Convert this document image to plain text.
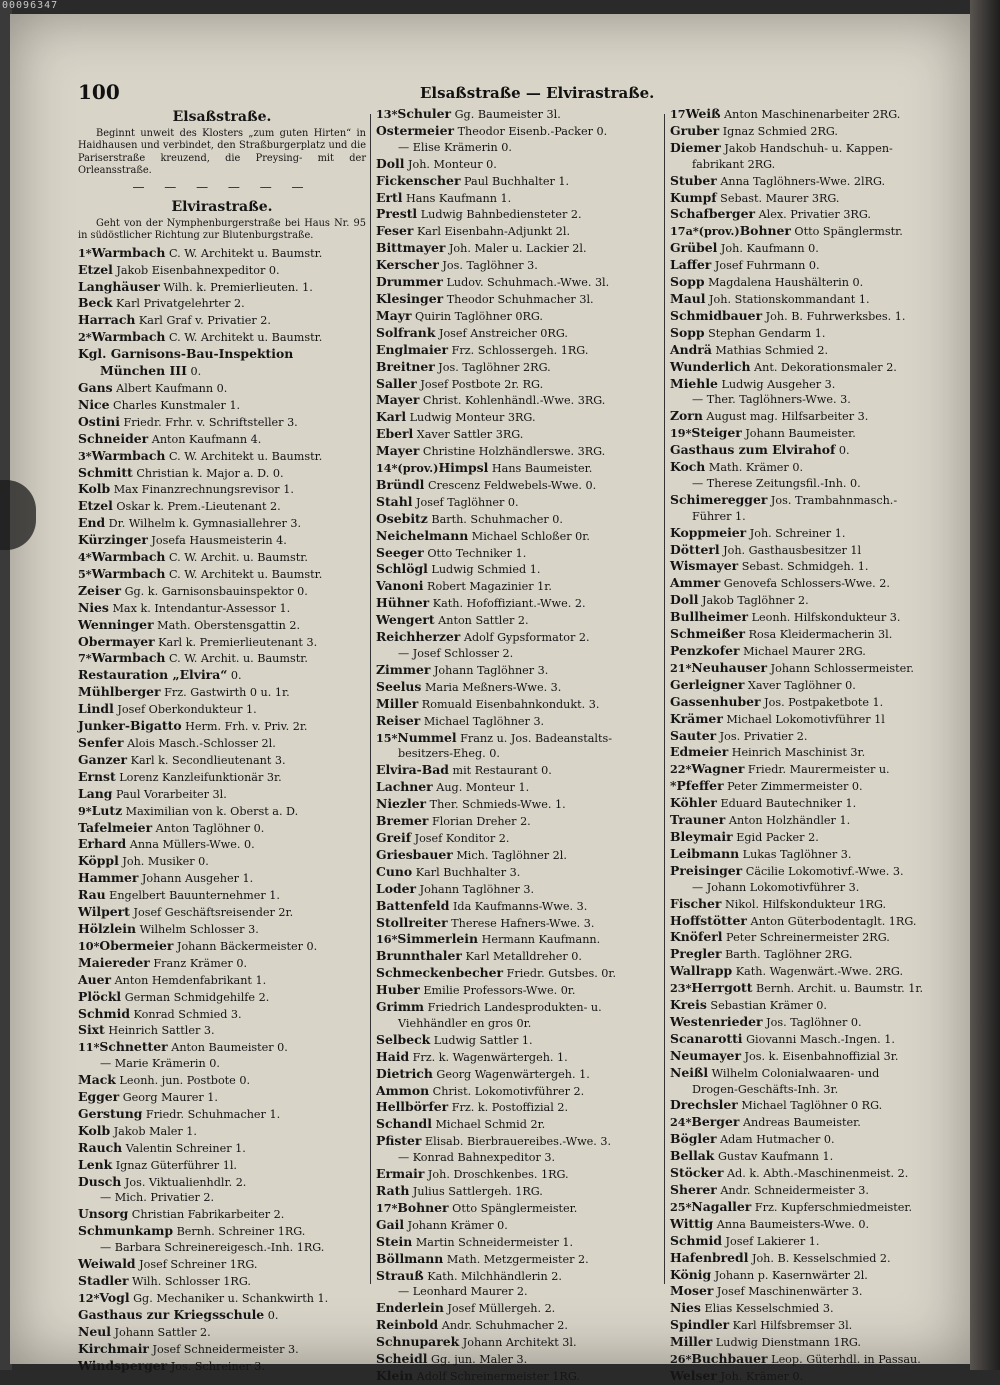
100	Elsaßstraße — Elvirastraße.
Elsaßstraße.
Beginnt unweit des Klosters „zum guten Hirten“ in Haidhausen und verbindet, den Straßburgerplatz und die Pariserstraße kreuzend, die Preysing- mit der Orleansstraße.
— — — — — —
Elvirastraße.
Geht von der Nymphenburgerstraße bei Haus Nr. 95 in südöstlicher Richtung zur Blutenburgstraße.
1*Warmbach C. W. Architekt u. Baumstr.
Etzel Jakob Eisenbahnexpeditor 0.
Langhäuser Wilh. k. Premierlieuten. 1.
Beck Karl Privatgelehrter 2.
Harrach Karl Graf v. Privatier 2.
2*Warmbach C. W. Architekt u. Baumstr.
Kgl. Garnisons-Bau-Inspektion
München III 0.
Gans Albert Kaufmann 0.
Nice Charles Kunstmaler 1.
Ostini Friedr. Frhr. v. Schriftsteller 3.
Schneider Anton Kaufmann 4.
3*Warmbach C. W. Architekt u. Baumstr.
Schmitt Christian k. Major a. D. 0.
Kolb Max Finanzrechnungsrevisor 1.
Etzel Oskar k. Prem.-Lieutenant 2.
End Dr. Wilhelm k. Gymnasiallehrer 3.
Kürzinger Josefa Hausmeisterin 4.
4*Warmbach C. W. Archit. u. Baumstr.
5*Warmbach C. W. Architekt u. Baumstr.
Zeiser Gg. k. Garnisonsbauinspektor 0.
Nies Max k. Intendantur-Assessor 1.
Wenninger Math. Oberstensgattin 2.
Obermayer Karl k. Premierlieutenant 3.
7*Warmbach C. W. Archit. u. Baumstr.
Restauration „Elvira“ 0.
Mühlberger Frz. Gastwirth 0 u. 1r.
Lindl Josef Oberkondukteur 1.
Junker-Bigatto Herm. Frh. v. Priv. 2r.
Senfer Alois Masch.-Schlosser 2l.
Ganzer Karl k. Secondlieutenant 3.
Ernst Lorenz Kanzleifunktionär 3r.
Lang Paul Vorarbeiter 3l.
9*Lutz Maximilian von k. Oberst a. D.
Tafelmeier Anton Taglöhner 0.
Erhard Anna Müllers-Wwe. 0.
Köppl Joh. Musiker 0.
Hammer Johann Ausgeher 1.
Rau Engelbert Bauunternehmer 1.
Wilpert Josef Geschäftsreisender 2r.
Hölzlein Wilhelm Schlosser 3.
10*Obermeier Johann Bäckermeister 0.
Maiereder Franz Krämer 0.
Auer Anton Hemdenfabrikant 1.
Plöckl German Schmidgehilfe 2.
Schmid Konrad Schmied 3.
Sixt Heinrich Sattler 3.
11*Schnetter Anton Baumeister 0.
— Marie Krämerin 0.
Mack Leonh. jun. Postbote 0.
Egger Georg Maurer 1.
Gerstung Friedr. Schuhmacher 1.
Kolb Jakob Maler 1.
Rauch Valentin Schreiner 1.
Lenk Ignaz Güterführer 1l.
Dusch Jos. Viktualienhdlr. 2.
— Mich. Privatier 2.
Unsorg Christian Fabrikarbeiter 2.
Schmunkamp Bernh. Schreiner 1RG.
— Barbara Schreinereigesch.-Inh. 1RG.
Weiwald Josef Schreiner 1RG.
Stadler Wilh. Schlosser 1RG.
12*Vogl Gg. Mechaniker u. Schankwirth 1.
Gasthaus zur Kriegsschule 0.
Neul Johann Sattler 2.
Kirchmair Josef Schneidermeister 3.
Windsperger Jos. Schreiner 3.
13*Schuler Gg. Baumeister 3l.
Ostermeier Theodor Eisenb.-Packer 0.
— Elise Krämerin 0.
Doll Joh. Monteur 0.
Fickenscher Paul Buchhalter 1.
Ertl Hans Kaufmann 1.
Prestl Ludwig Bahnbediensteter 2.
Feser Karl Eisenbahn-Adjunkt 2l.
Bittmayer Joh. Maler u. Lackier 2l.
Kerscher Jos. Taglöhner 3.
Drummer Ludov. Schuhmach.-Wwe. 3l.
Klesinger Theodor Schuhmacher 3l.
Mayr Quirin Taglöhner 0RG.
Solfrank Josef Anstreicher 0RG.
Englmaier Frz. Schlossergeh. 1RG.
Breitner Jos. Taglöhner 2RG.
Saller Josef Postbote 2r. RG.
Mayer Christ. Kohlenhändl.-Wwe. 3RG.
Karl Ludwig Monteur 3RG.
Eberl Xaver Sattler 3RG.
Mayer Christine Holzhändlerswe. 3RG.
14*(prov.)Himpsl Hans Baumeister.
Bründl Crescenz Feldwebels-Wwe. 0.
Stahl Josef Taglöhner 0.
Osebitz Barth. Schuhmacher 0.
Neichelmann Michael Schloßer 0r.
Seeger Otto Techniker 1.
Schlögl Ludwig Schmied 1.
Vanoni Robert Magazinier 1r.
Hühner Kath. Hofoffiziant.-Wwe. 2.
Wengert Anton Sattler 2.
Reichherzer Adolf Gypsformator 2.
— Josef Schlosser 2.
Zimmer Johann Taglöhner 3.
Seelus Maria Meßners-Wwe. 3.
Miller Romuald Eisenbahnkondukt. 3.
Reiser Michael Taglöhner 3.
15*Nummel Franz u. Jos. Badeanstalts-
besitzers-Eheg. 0.
Elvira-Bad mit Restaurant 0.
Lachner Aug. Monteur 1.
Niezler Ther. Schmieds-Wwe. 1.
Bremer Florian Dreher 2.
Greif Josef Konditor 2.
Griesbauer Mich. Taglöhner 2l.
Cuno Karl Buchhalter 3.
Loder Johann Taglöhner 3.
Battenfeld Ida Kaufmanns-Wwe. 3.
Stollreiter Therese Hafners-Wwe. 3.
16*Simmerlein Hermann Kaufmann.
Brunnthaler Karl Metalldreher 0.
Schmeckenbecher Friedr. Gutsbes. 0r.
Huber Emilie Professors-Wwe. 0r.
Grimm Friedrich Landesprodukten- u.
Viehhändler en gros 0r.
Selbeck Ludwig Sattler 1.
Haid Frz. k. Wagenwärtergeh. 1.
Dietrich Georg Wagenwärtergeh. 1.
Ammon Christ. Lokomotivführer 2.
Hellbörfer Frz. k. Postoffizial 2.
Schandl Michael Schmid 2r.
Pfister Elisab. Bierbrauereibes.-Wwe. 3.
— Konrad Bahnexpeditor 3.
Ermair Joh. Droschkenbes. 1RG.
Rath Julius Sattlergeh. 1RG.
17*Bohner Otto Spänglermeister.
Gail Johann Krämer 0.
Stein Martin Schneidermeister 1.
Böllmann Math. Metzgermeister 2.
Strauß Kath. Milchhändlerin 2.
— Leonhard Maurer 2.
Enderlein Josef Müllergeh. 2.
Reinbold Andr. Schuhmacher 2.
Schnuparek Johann Architekt 3l.
Scheidl Gg. jun. Maler 3.
Klein Adolf Schreinermeister 1RG.
17Weiß Anton Maschinenarbeiter 2RG.
Gruber Ignaz Schmied 2RG.
Diemer Jakob Handschuh- u. Kappen-
fabrikant 2RG.
Stuber Anna Taglöhners-Wwe. 2lRG.
Kumpf Sebast. Maurer 3RG.
Schafberger Alex. Privatier 3RG.
17a*(prov.)Bohner Otto Spänglermstr.
Grübel Joh. Kaufmann 0.
Laffer Josef Fuhrmann 0.
Sopp Magdalena Haushälterin 0.
Maul Joh. Stationskommandant 1.
Schmidbauer Joh. B. Fuhrwerksbes. 1.
Sopp Stephan Gendarm 1.
Andrä Mathias Schmied 2.
Wunderlich Ant. Dekorationsmaler 2.
Miehle Ludwig Ausgeher 3.
— Ther. Taglöhners-Wwe. 3.
Zorn August mag. Hilfsarbeiter 3.
19*Steiger Johann Baumeister.
Gasthaus zum Elvirahof 0.
Koch Math. Krämer 0.
— Therese Zeitungsfil.-Inh. 0.
Schimeregger Jos. Trambahnmasch.-
Führer 1.
Koppmeier Joh. Schreiner 1.
Dötterl Joh. Gasthausbesitzer 1l
Wismayer Sebast. Schmidgeh. 1.
Ammer Genovefa Schlossers-Wwe. 2.
Doll Jakob Taglöhner 2.
Bullheimer Leonh. Hilfskondukteur 3.
Schmeißer Rosa Kleidermacherin 3l.
Penzkofer Michael Maurer 2RG.
21*Neuhauser Johann Schlossermeister.
Gerleigner Xaver Taglöhner 0.
Gassenhuber Jos. Postpaketbote 1.
Krämer Michael Lokomotivführer 1l
Sauter Jos. Privatier 2.
Edmeier Heinrich Maschinist 3r.
22*Wagner Friedr. Maurermeister u.
*Pfeffer Peter Zimmermeister 0.
Köhler Eduard Bautechniker 1.
Trauner Anton Holzhändler 1.
Bleymair Egid Packer 2.
Leibmann Lukas Taglöhner 3.
Preisinger Cäcilie Lokomotivf.-Wwe. 3.
— Johann Lokomotivführer 3.
Fischer Nikol. Hilfskondukteur 1RG.
Hoffstötter Anton Güterbodentaglt. 1RG.
Knöferl Peter Schreinermeister 2RG.
Pregler Barth. Taglöhner 2RG.
Wallrapp Kath. Wagenwärt.-Wwe. 2RG.
23*Herrgott Bernh. Archit. u. Baumstr. 1r.
Kreis Sebastian Krämer 0.
Westenrieder Jos. Taglöhner 0.
Scanarotti Giovanni Masch.-Ingen. 1.
Neumayer Jos. k. Eisenbahnoffizial 3r.
Neißl Wilhelm Colonialwaaren- und
Drogen-Geschäfts-Inh. 3r.
Drechsler Michael Taglöhner 0 RG.
24*Berger Andreas Baumeister.
Bögler Adam Hutmacher 0.
Bellak Gustav Kaufmann 1.
Stöcker Ad. k. Abth.-Maschinenmeist. 2.
Sherer Andr. Schneidermeister 3.
25*Nagaller Frz. Kupferschmiedmeister.
Wittig Anna Baumeisters-Wwe. 0.
Schmid Josef Lakierer 1.
Hafenbredl Joh. B. Kesselschmied 2.
König Johann p. Kasernwärter 2l.
Moser Josef Maschinenwärter 3.
Nies Elias Kesselschmied 3.
Spindler Karl Hilfsbremser 3l.
Miller Ludwig Dienstmann 1RG.
26*Buchbauer Leop. Güterhdl. in Passau.
Welser Joh. Krämer 0.
00096347
